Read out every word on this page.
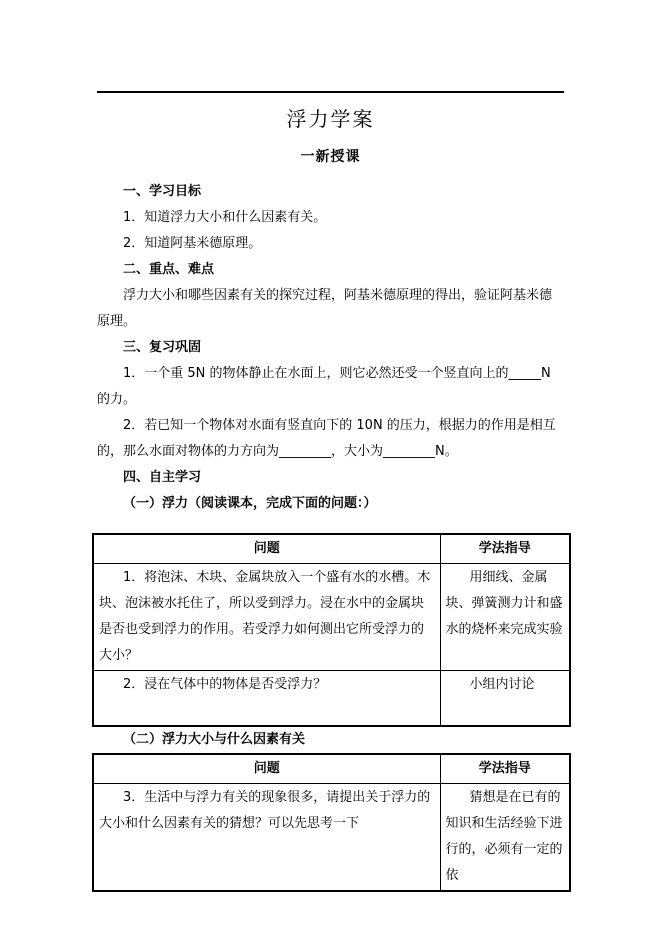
浮力学案
一新授课

一、学习目标

1．知道浮力大小和什么因素有关。

2．知道阿基米德原理。

二、重点、难点

浮力大小和哪些因素有关的探究过程，阿基米德原理的得出，验证阿基米德原理。

三、复习巩固

1．一个重 5N 的物体静止在水面上，则它必然还受一个竖直向上的_____N 的力。

2．若已知一个物体对水面有竖直向下的 10N 的压力，根据力的作用是相互的，那么水面对物体的力方向为________，大小为________N。

四、自主学习

（一）浮力（阅读课本，完成下面的问题：）

问题	学法指导

1．将泡沫、木块、金属块放入一个盛有水的水槽。木块、泡沫被水托住了，所以受到浮力。浸在水中的金属块是否也受到浮力的作用。若受浮力如何测出它所受浮力的大小？	用细线、金属块、弹簧测力计和盛水的烧杯来完成实验

2．浸在气体中的物体是否受浮力？	小组内讨论

（二）浮力大小与什么因素有关

问题	学法指导

3．生活中与浮力有关的现象很多，请提出关于浮力的大小和什么因素有关的猜想？可以先思考一下	猜想是在已有的知识和生活经验下进行的，必须有一定的依
